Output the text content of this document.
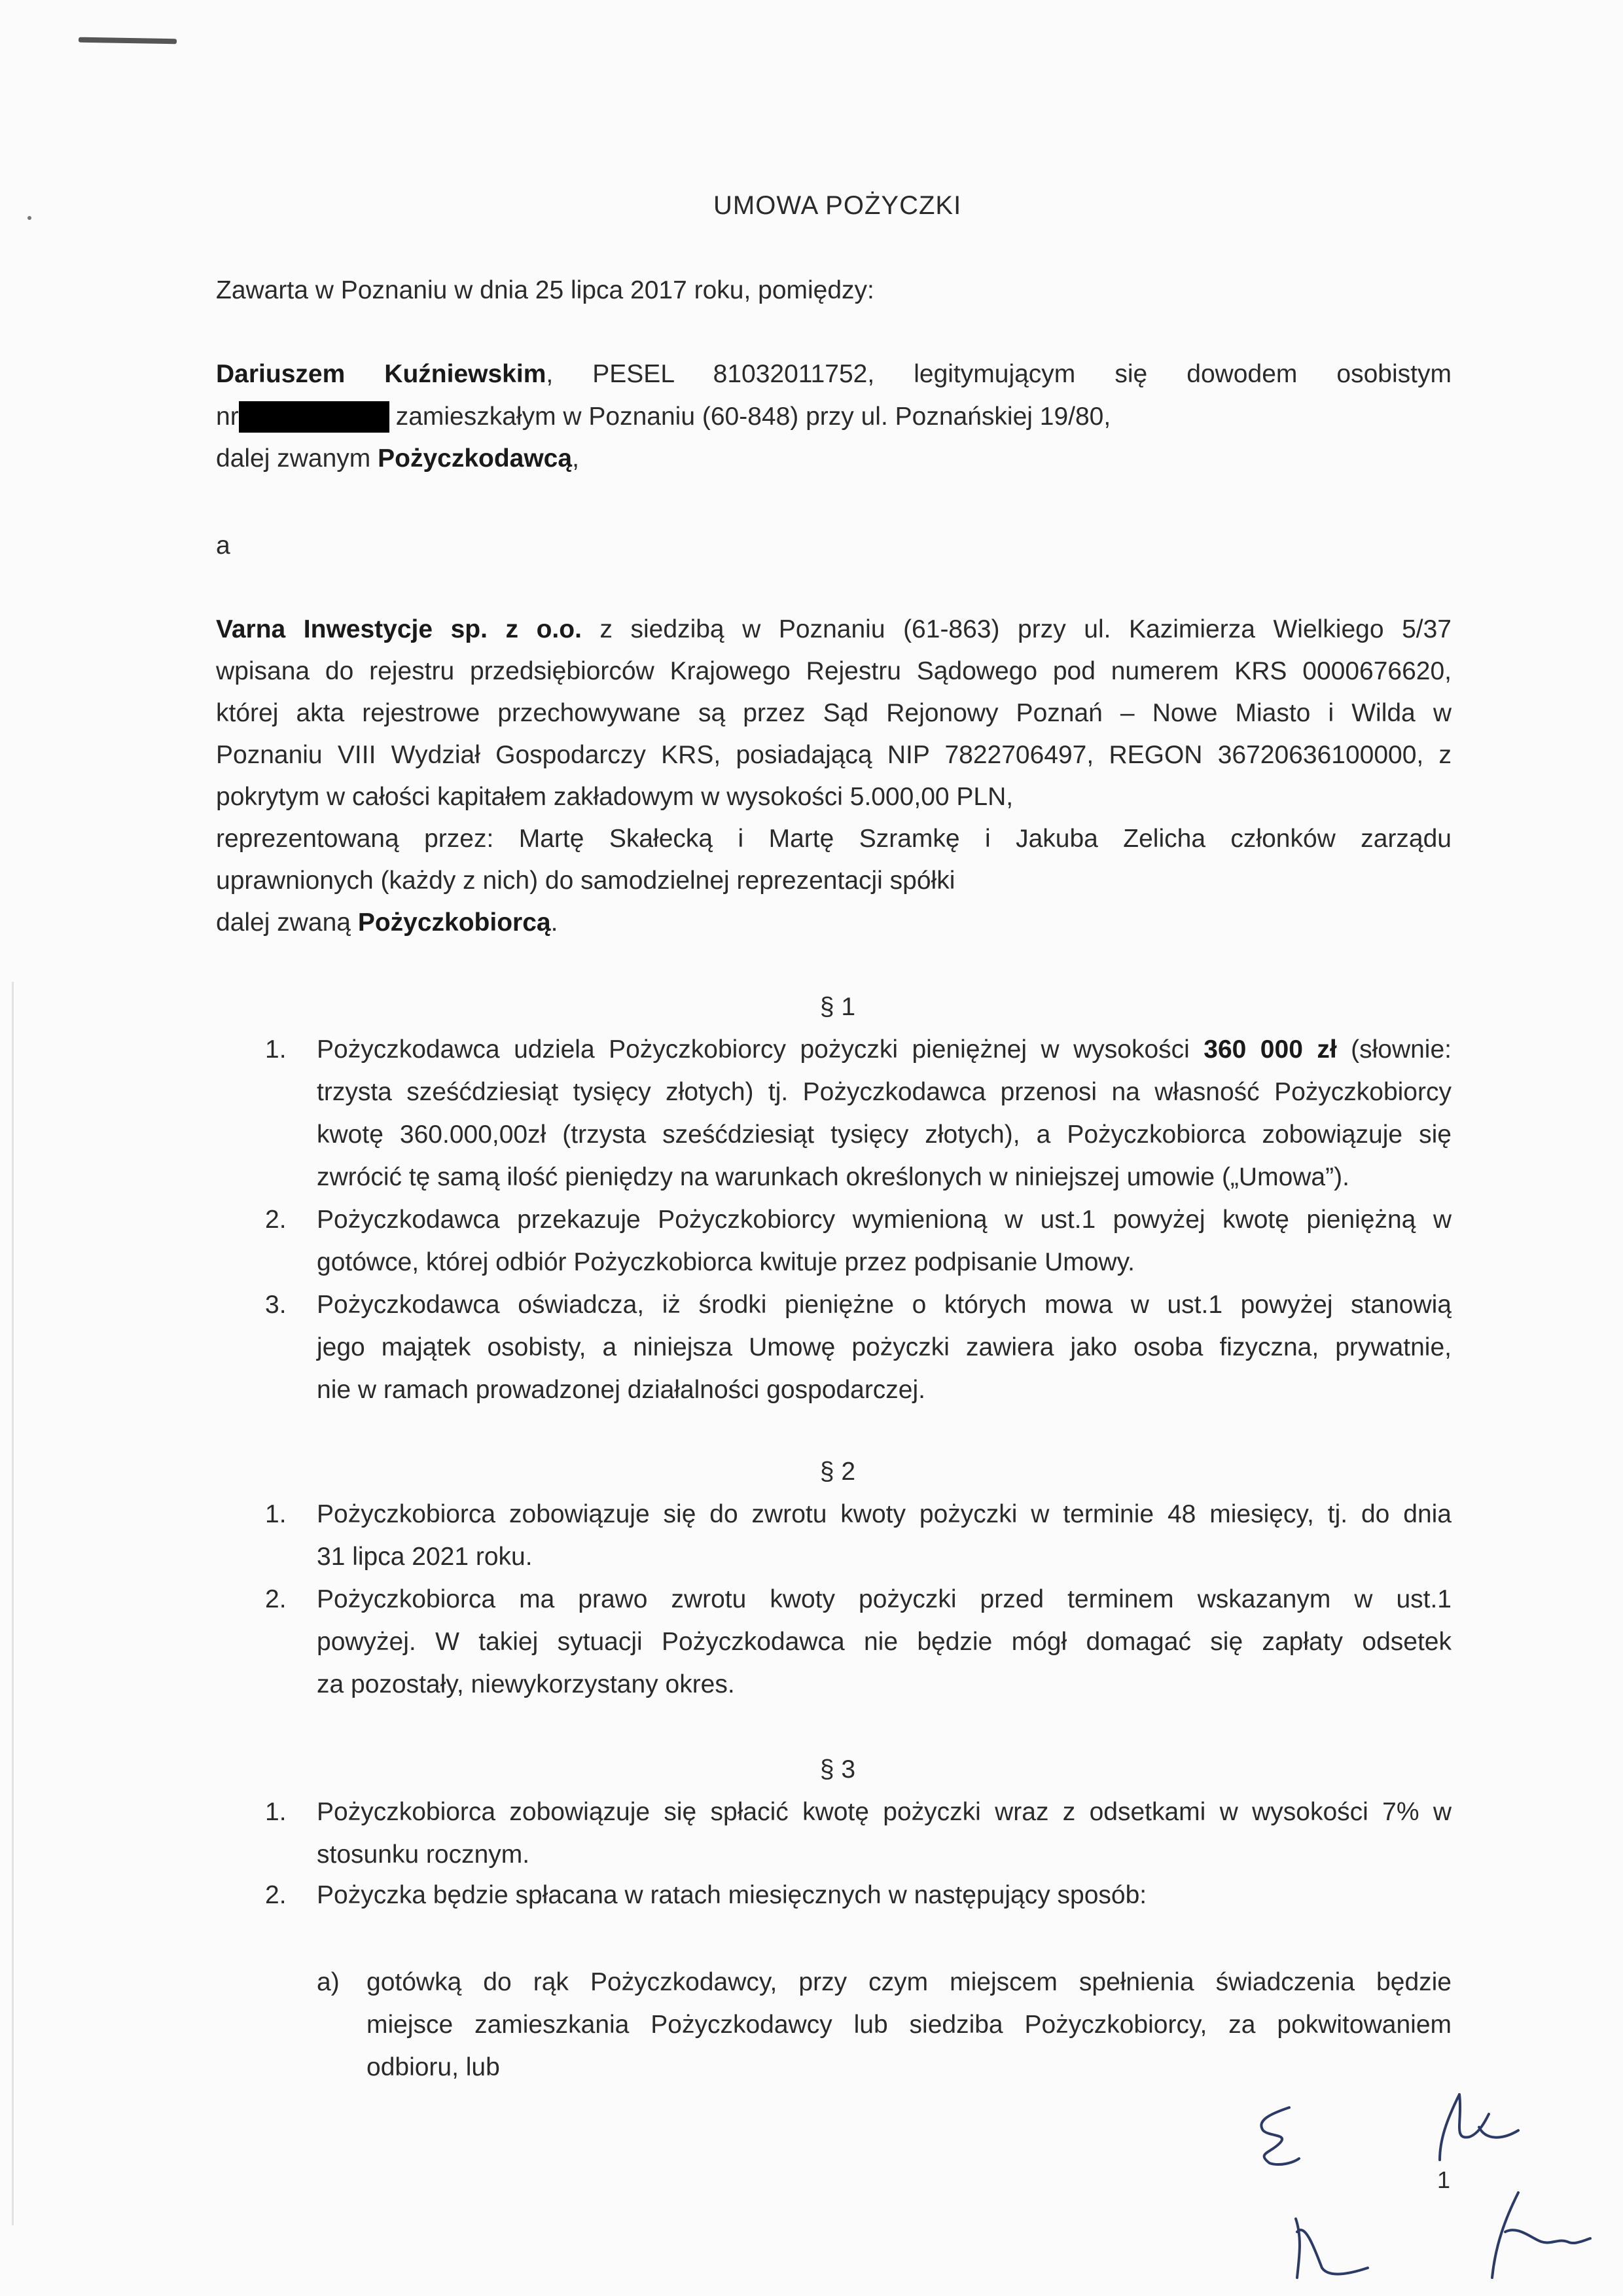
UMOWA POŻYCZKI
Zawarta w Poznaniu w dnia 25 lipca 2017 roku, pomiędzy:
Dariuszem Kuźniewskim, PESEL 81032011752, legitymującym się dowodem osobistym
nr	zamieszkałym w Poznaniu (60-848) przy ul. Poznańskiej 19/80,
dalej zwanym Pożyczkodawcą,
a
Varna Inwestycje sp. z o.o. z siedzibą w Poznaniu (61-863) przy ul. Kazimierza Wielkiego 5/37
wpisana do rejestru przedsiębiorców Krajowego Rejestru Sądowego pod numerem KRS 0000676620,
której akta rejestrowe przechowywane są przez Sąd Rejonowy Poznań – Nowe Miasto i Wilda w
Poznaniu VIII Wydział Gospodarczy KRS, posiadającą NIP 7822706497, REGON 36720636100000, z
pokrytym w całości kapitałem zakładowym w wysokości 5.000,00 PLN,
reprezentowaną przez: Martę Skałecką i Martę Szramkę i Jakuba Zelicha członków zarządu
uprawnionych (każdy z nich) do samodzielnej reprezentacji spółki
dalej zwaną Pożyczkobiorcą.
§ 1
1. Pożyczkodawca udziela Pożyczkobiorcy pożyczki pieniężnej w wysokości 360 000 zł (słownie:
trzysta sześćdziesiąt tysięcy złotych) tj. Pożyczkodawca przenosi na własność Pożyczkobiorcy
kwotę 360.000,00zł (trzysta sześćdziesiąt tysięcy złotych), a Pożyczkobiorca zobowiązuje się
zwrócić tę samą ilość pieniędzy na warunkach określonych w niniejszej umowie („Umowa”).
2. Pożyczkodawca przekazuje Pożyczkobiorcy wymienioną w ust.1 powyżej kwotę pieniężną w
gotówce, której odbiór Pożyczkobiorca kwituje przez podpisanie Umowy.
3. Pożyczkodawca oświadcza, iż środki pieniężne o których mowa w ust.1 powyżej stanowią
jego majątek osobisty, a niniejsza Umowę pożyczki zawiera jako osoba fizyczna, prywatnie,
nie w ramach prowadzonej działalności gospodarczej.
§ 2
1. Pożyczkobiorca zobowiązuje się do zwrotu kwoty pożyczki w terminie 48 miesięcy, tj. do dnia
31 lipca 2021 roku.
2. Pożyczkobiorca ma prawo zwrotu kwoty pożyczki przed terminem wskazanym w ust.1
powyżej. W takiej sytuacji Pożyczkodawca nie będzie mógł domagać się zapłaty odsetek
za pozostały, niewykorzystany okres.
§ 3
1. Pożyczkobiorca zobowiązuje się spłacić kwotę pożyczki wraz z odsetkami w wysokości 7% w
stosunku rocznym.
2. Pożyczka będzie spłacana w ratach miesięcznych w następujący sposób:
a) gotówką do rąk Pożyczkodawcy, przy czym miejscem spełnienia świadczenia będzie
miejsce zamieszkania Pożyczkodawcy lub siedziba Pożyczkobiorcy, za pokwitowaniem
odbioru, lub
1
